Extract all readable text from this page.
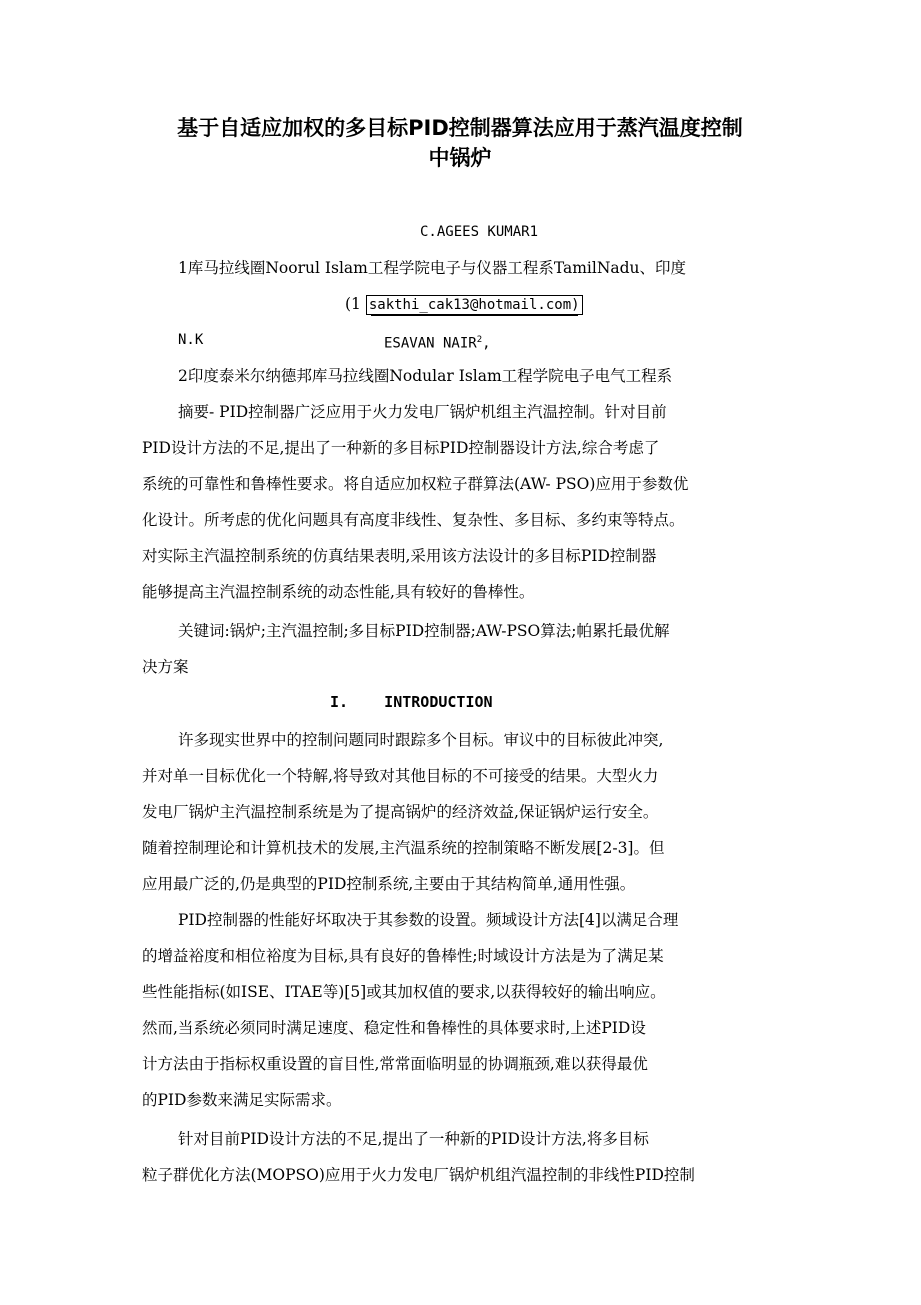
基于自适应加权的多目标PID控制器算法应用于蒸汽温度控制
中锅炉
C.AGEES KUMAR1
1库马拉线圈Noorul Islam工程学院电子与仪器工程系TamilNadu、印度
(1 sakthi_cak13@hotmail.com)
N.K	ESAVAN NAIR$^2$,
2印度泰米尔纳德邦库马拉线圈Nodular Islam工程学院电子电气工程系
摘要- PID控制器广泛应用于火力发电厂锅炉机组主汽温控制。针对目前
PID设计方法的不足,提出了一种新的多目标PID控制器设计方法,综合考虑了
系统的可靠性和鲁棒性要求。将自适应加权粒子群算法(AW- PSO)应用于参数优
化设计。所考虑的优化问题具有高度非线性、复杂性、多目标、多约束等特点。
对实际主汽温控制系统的仿真结果表明,采用该方法设计的多目标PID控制器
能够提高主汽温控制系统的动态性能,具有较好的鲁棒性。
关键词:锅炉;主汽温控制;多目标PID控制器;AW-PSO算法;帕累托最优解
决方案
I.    INTRODUCTION
许多现实世界中的控制问题同时跟踪多个目标。审议中的目标彼此冲突,
并对单一目标优化一个特解,将导致对其他目标的不可接受的结果。大型火力
发电厂锅炉主汽温控制系统是为了提高锅炉的经济效益,保证锅炉运行安全。
随着控制理论和计算机技术的发展,主汽温系统的控制策略不断发展[2-3]。但
应用最广泛的,仍是典型的PID控制系统,主要由于其结构简单,通用性强。
PID控制器的性能好坏取决于其参数的设置。频域设计方法[4]以满足合理
的增益裕度和相位裕度为目标,具有良好的鲁棒性;时域设计方法是为了满足某
些性能指标(如ISE、ITAE等)[5]或其加权值的要求,以获得较好的输出响应。
然而,当系统必须同时满足速度、稳定性和鲁棒性的具体要求时,上述PID设
计方法由于指标权重设置的盲目性,常常面临明显的协调瓶颈,难以获得最优
的PID参数来满足实际需求。
针对目前PID设计方法的不足,提出了一种新的PID设计方法,将多目标
粒子群优化方法(MOPSO)应用于火力发电厂锅炉机组汽温控制的非线性PID控制
